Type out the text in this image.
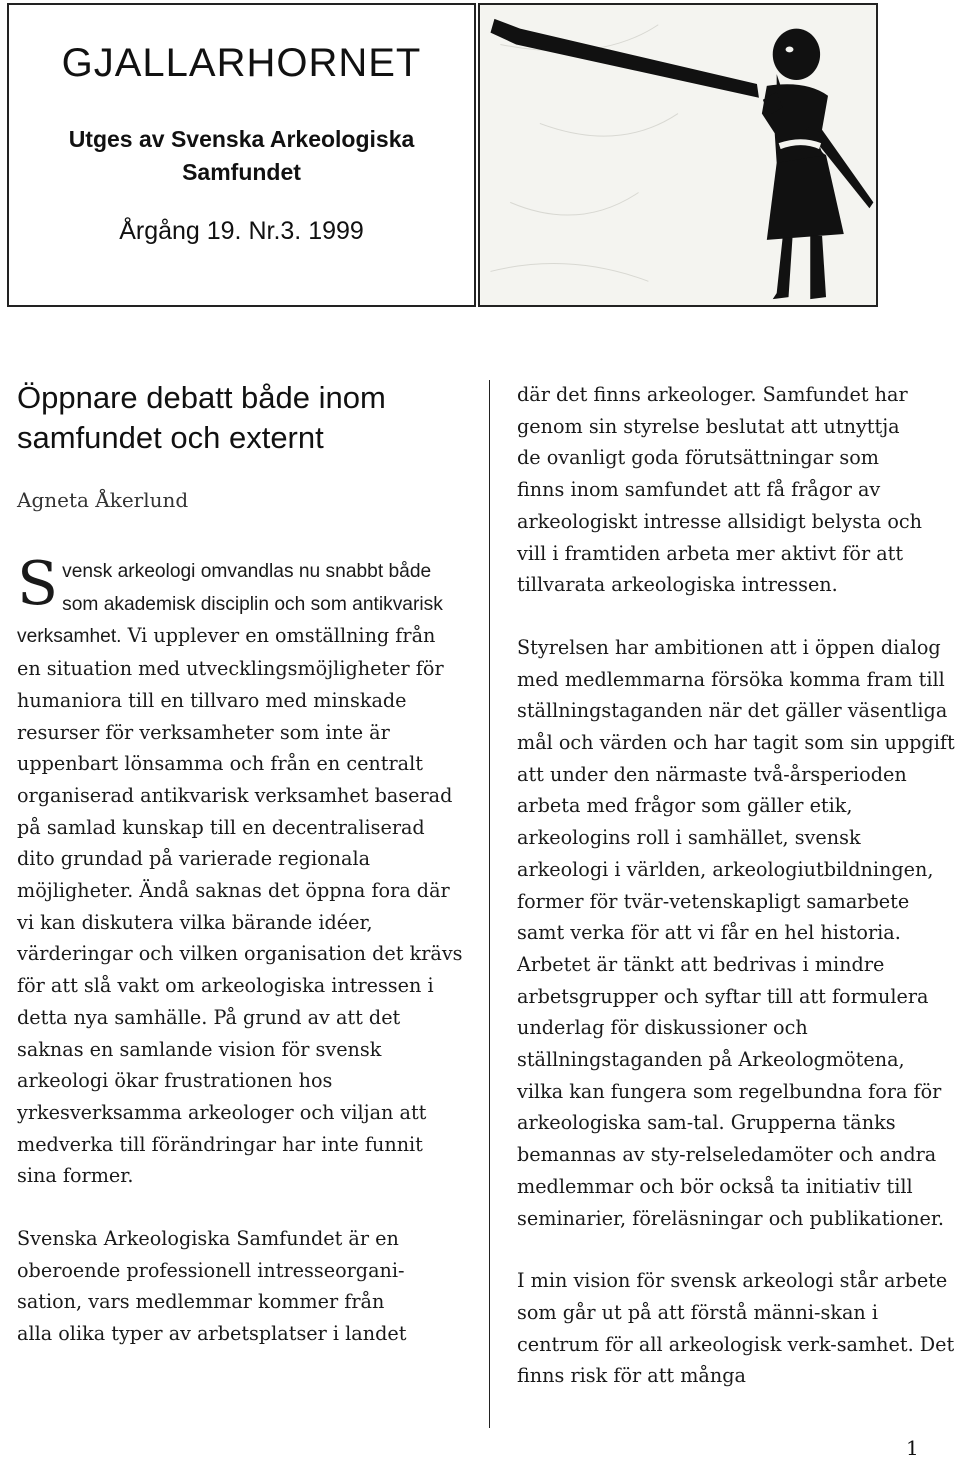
GJALLARHORNET
Utges av Svenska Arkeologiska Samfundet
Årgång 19. Nr.3. 1999
Öppnare debatt både inom samfundet och externt
Agneta Åkerlund

Svensk arkeologi omvandlas nu snabbt både som akademisk disciplin och som antikvarisk verksamhet. Vi upplever en omställning från en situation med utvecklingsmöjligheter för humaniora till en tillvaro med minskade resurser för verksamheter som inte är uppenbart lönsamma och från en centralt organiserad antikvarisk verksamhet baserad på samlad kunskap till en decentraliserad dito grundad på varierade regionala möjligheter. Ändå saknas det öppna fora där vi kan diskutera vilka bärande idéer, värderingar och vilken organisation det krävs för att slå vakt om arkeologiska intressen i detta nya samhälle. På grund av att det saknas en samlande vision för svensk arkeologi ökar frustrationen hos yrkesverksamma arkeologer och viljan att medverka till förändringar har inte funnit sina former.

Svenska Arkeologiska Samfundet är en
oberoende professionell intresseorgani-
sation, vars medlemmar kommer från
alla olika typer av arbetsplatser i landet

där det finns arkeologer. Samfundet har
genom sin styrelse beslutat att utnyttja
de ovanligt goda förutsättningar som
finns inom samfundet att få frågor av
arkeologiskt intresse allsidigt belysta och
vill i framtiden arbeta mer aktivt för att
tillvarata arkeologiska intressen.

Styrelsen har ambitionen att i öppen dialog med medlemmarna försöka komma fram till ställningstaganden när det gäller väsentliga mål och värden och har tagit som sin uppgift att under den närmaste två-årsperioden arbeta med frågor som gäller etik, arkeologins roll i samhället, svensk arkeologi i världen, arkeologiutbildningen, former för tvär-vetenskapligt samarbete samt verka för att vi får en hel historia. Arbetet är tänkt att bedrivas i mindre arbetsgrupper och syftar till att formulera underlag för diskussioner och ställningstaganden på Arkeologmötena, vilka kan fungera som regelbundna fora för arkeologiska sam-tal. Grupperna tänks bemannas av sty-relseledamöter och andra medlemmar och bör också ta initiativ till seminarier, föreläsningar och publikationer.

I min vision för svensk arkeologi står arbete som går ut på att förstå männi-skan i centrum för all arkeologisk verk-samhet. Det finns risk för att många

1
